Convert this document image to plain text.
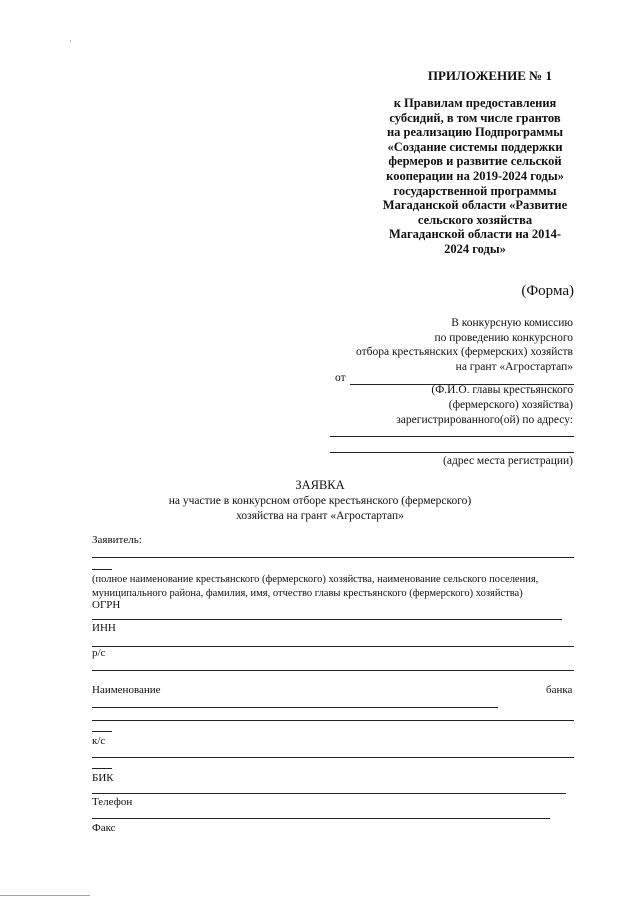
ПРИЛОЖЕНИЕ № 1
к Правилам предоставления
субсидий, в том числе грантов
на реализацию Подпрограммы
«Создание системы поддержки
фермеров и развитие сельской
кооперации на 2019-2024 годы»
государственной программы
Магаданской области «Развитие
сельского хозяйства
Магаданской области на 2014-
2024 годы»
(Форма)
В конкурсную комиссию
по проведению конкурсного
отбора крестьянских (фермерских) хозяйств
на грант «Агростартап»
от
(Ф.И.О. главы крестьянского
(фермерского) хозяйства)
зарегистрированного(ой) по адресу:
(адрес места регистрации)
ЗАЯВКА
на участие в конкурсном отборе крестьянского (фермерского)
хозяйства на грант «Агростартап»
Заявитель:
(полное наименование крестьянского (фермерского) хозяйства, наименование сельского поселения,
муниципального района, фамилия, имя, отчество главы крестьянского (фермерского) хозяйства)
ОГРН
ИНН
р/с
Наименование	банка
к/с
БИК
Телефон
Факс
